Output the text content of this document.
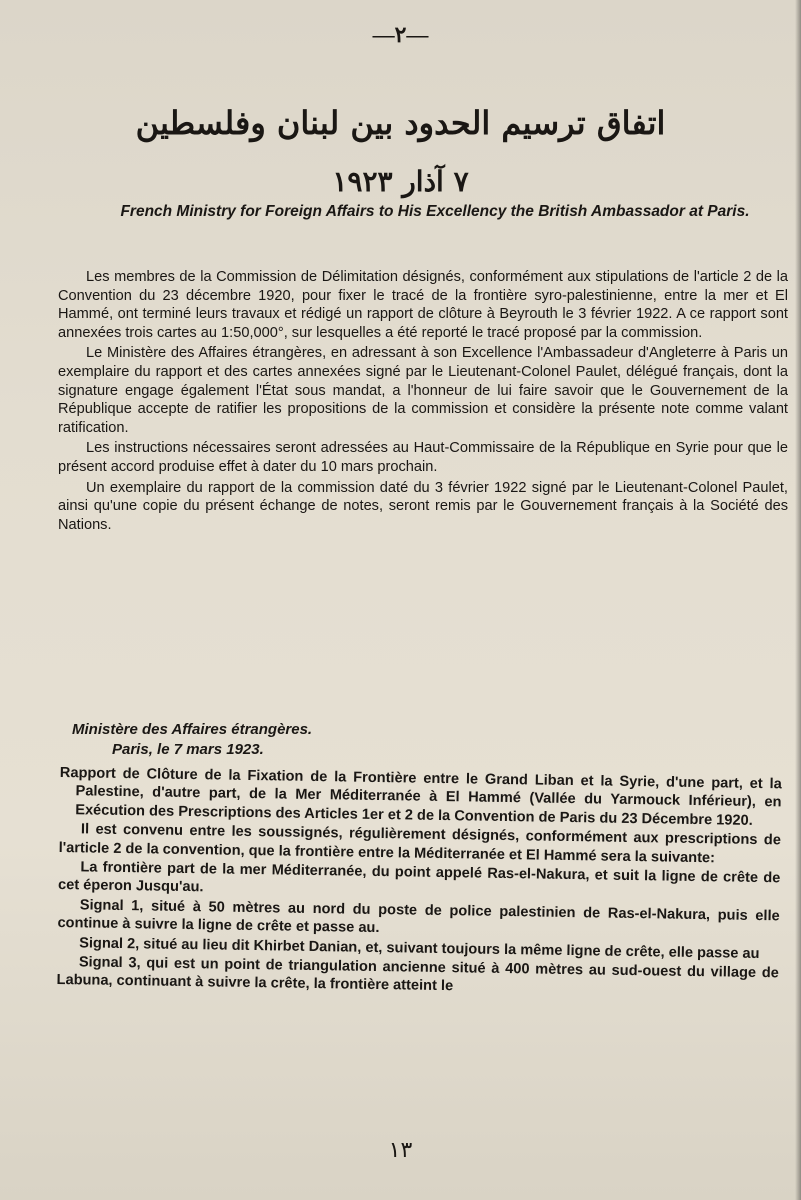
—٢—
اتفاق ترسيم الحدود بين لبنان وفلسطين
٧ آذار ١٩٢٣
French Ministry for Foreign Affairs to His Excellency the British Ambassador at Paris.

Les membres de la Commission de Délimitation désignés, conformément aux stipulations de l'article 2 de la Convention du 23 décembre 1920, pour fixer le tracé de la frontière syro-palestinienne, entre la mer et El Hammé, ont terminé leurs travaux et rédigé un rapport de clôture à Beyrouth le 3 février 1922. A ce rapport sont annexées trois cartes au 1:50,000°, sur lesquelles a été reporté le tracé proposé par la commission.

Le Ministère des Affaires étrangères, en adressant à son Excellence l'Ambassadeur d'Angleterre à Paris un exemplaire du rapport et des cartes annexées signé par le Lieutenant-Colonel Paulet, délégué français, dont la signature engage également l'État sous mandat, a l'honneur de lui faire savoir que le Gouvernement de la République accepte de ratifier les propositions de la commission et considère la présente note comme valant ratification.

Les instructions nécessaires seront adressées au Haut-Commissaire de la République en Syrie pour que le présent accord produise effet à dater du 10 mars prochain.

Un exemplaire du rapport de la commission daté du 3 février 1922 signé par le Lieutenant-Colonel Paulet, ainsi qu'une copie du présent échange de notes, seront remis par le Gouvernement français à la Société des Nations.

Ministère des Affaires étrangères.
Paris, le 7 mars 1923.

Rapport de Clôture de la Fixation de la Frontière entre le Grand Liban et la Syrie, d'une part, et la Palestine, d'autre part, de la Mer Méditerranée à El Hammé (Vallée du Yarmouck Inférieur), en Exécution des Prescriptions des Articles 1er et 2 de la Convention de Paris du 23 Décembre 1920.

Il est convenu entre les soussignés, régulièrement désignés, conformément aux prescriptions de l'article 2 de la convention, que la frontière entre la Méditerranée et El Hammé sera la suivante:

La frontière part de la mer Méditerranée, du point appelé Ras-el-Nakura, et suit la ligne de crête de cet éperon Jusqu'au.

Signal 1, situé à 50 mètres au nord du poste de police palestinien de Ras-el-Nakura, puis elle continue à suivre la ligne de crête et passe au.

Signal 2, situé au lieu dit Khirbet Danian, et, suivant toujours la même ligne de crête, elle passe au

Signal 3, qui est un point de triangulation ancienne situé à 400 mètres au sud-ouest du village de Labuna, continuant à suivre la crête, la frontière atteint le

١٣
